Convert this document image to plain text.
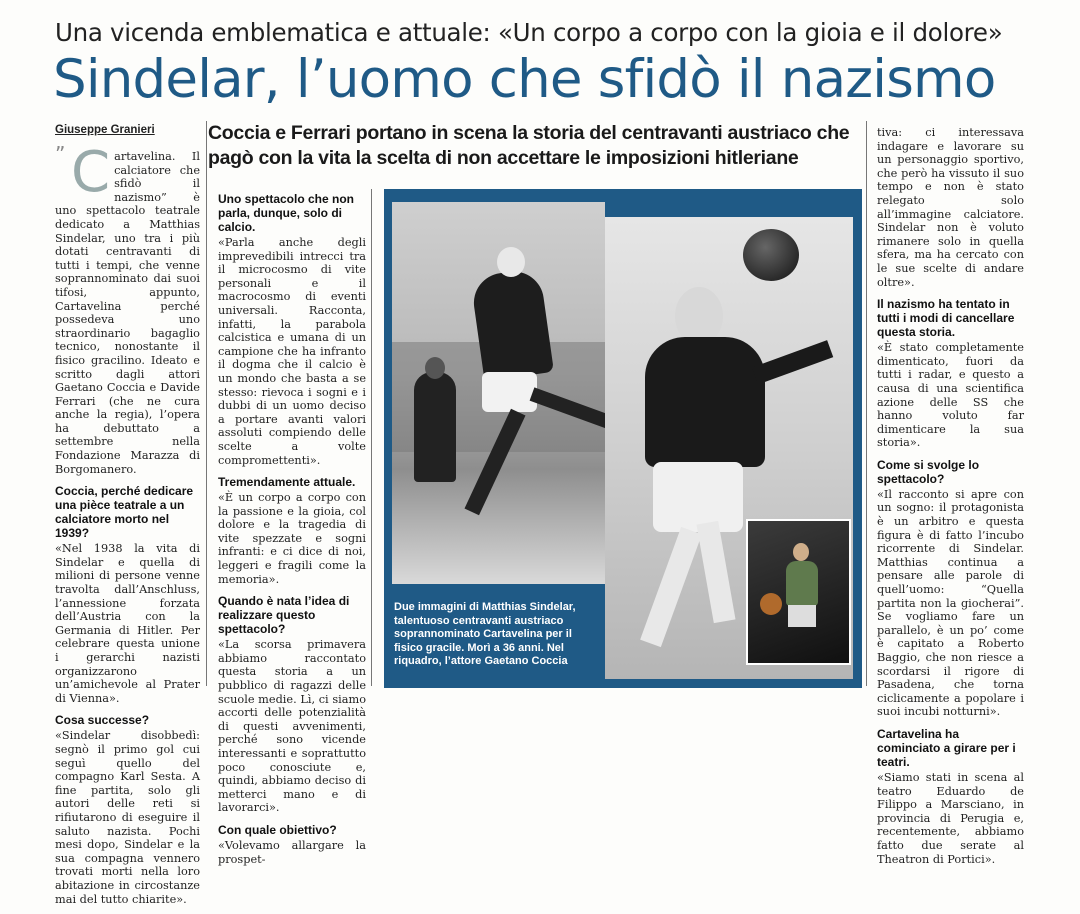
Una vicenda emblematica e attuale: «Un corpo a corpo con la gioia e il dolore»
Sindelar, l’uomo che sfidò il nazismo
Giuseppe Granieri	Coccia e Ferrari portano in scena la storia del centravanti austriaco che pagò con la vita la scelta di non accettare le imposizioni hitleriane
” C artavelina. Il calciatore che sfidò il nazismo” è uno spettacolo teatrale dedicato a Matthias Sindelar, uno tra i più dotati centravanti di tutti i tempi, che venne soprannominato dai suoi tifosi, appunto, Cartavelina perché possedeva uno straordinario bagaglio tecnico, nonostante il fisico gracilino. Ideato e scritto dagli attori Gaetano Coccia e Davide Ferrari (che ne cura anche la regia), l’opera ha debuttato a settembre nella Fondazione Marazza di Borgomanero.

Coccia, perché dedicare una pièce teatrale a un calciatore morto nel 1939?

«Nel 1938 la vita di Sindelar e quella di milioni di persone venne travolta dall’Anschluss, l’annessione forzata dell’Austria con la Germania di Hitler. Per celebrare questa unione i gerarchi nazisti organizzarono un’amichevole al Prater di Vienna».

Cosa successe?

«Sindelar disobbedì: segnò il primo gol cui seguì quello del compagno Karl Sesta. A fine partita, solo gli autori delle reti si rifiutarono di eseguire il saluto nazista. Pochi mesi dopo, Sindelar e la sua compagna vennero trovati morti nella loro abitazione in circostanze mai del tutto chiarite».

Uno spettacolo che non parla, dunque, solo di calcio.

«Parla anche degli imprevedibili intrecci tra il microcosmo di vite personali e il macrocosmo di eventi universali. Racconta, infatti, la parabola calcistica e umana di un campione che ha infranto il dogma che il calcio è un mondo che basta a se stesso: rievoca i sogni e i dubbi di un uomo deciso a portare avanti valori assoluti compiendo delle scelte a volte compromettenti».

Tremendamente attuale.

«È un corpo a corpo con la passione e la gioia, col dolore e la tragedia di vite spezzate e sogni infranti: e ci dice di noi, leggeri e fragili come la memoria».

Quando è nata l’idea di realizzare questo spettacolo?

«La scorsa primavera abbiamo raccontato questa storia a un pubblico di ragazzi delle scuole medie. Lì, ci siamo accorti delle potenzialità di questi avvenimenti, perché sono vicende interessanti e soprattutto poco conosciute e, quindi, abbiamo deciso di metterci mano e di lavorarci».

Con quale obiettivo?

«Volevamo allargare la prospet-

tiva: ci interessava indagare e lavorare su un personaggio sportivo, che però ha vissuto il suo tempo e non è stato relegato solo all’immagine calciatore. Sindelar non è voluto rimanere solo in quella sfera, ma ha cercato con le sue scelte di andare oltre».

Il nazismo ha tentato in tutti i modi di cancellare questa storia.

«È stato completamente dimenticato, fuori da tutti i radar, e questo a causa di una scientifica azione delle SS che hanno voluto far dimenticare la sua storia».

Come si svolge lo spettacolo?

«Il racconto si apre con un sogno: il protagonista è un arbitro e questa figura è di fatto l’incubo ricorrente di Sindelar. Matthias continua a pensare alle parole di quell’uomo: “Quella partita non la giocherai”. Se vogliamo fare un parallelo, è un po’ come è capitato a Roberto Baggio, che non riesce a scordarsi il rigore di Pasadena, che torna ciclicamente a popolare i suoi incubi notturni».

Cartavelina ha cominciato a girare per i teatri.

«Siamo stati in scena al teatro Eduardo de Filippo a Marsciano, in provincia di Perugia e, recentemente, abbiamo fatto due serate al Theatron di Portici».

Due immagini di Matthias Sindelar, talentuoso centravanti austriaco soprannominato Cartavelina per il fisico gracile. Morì a 36 anni. Nel riquadro, l’attore Gaetano Coccia
